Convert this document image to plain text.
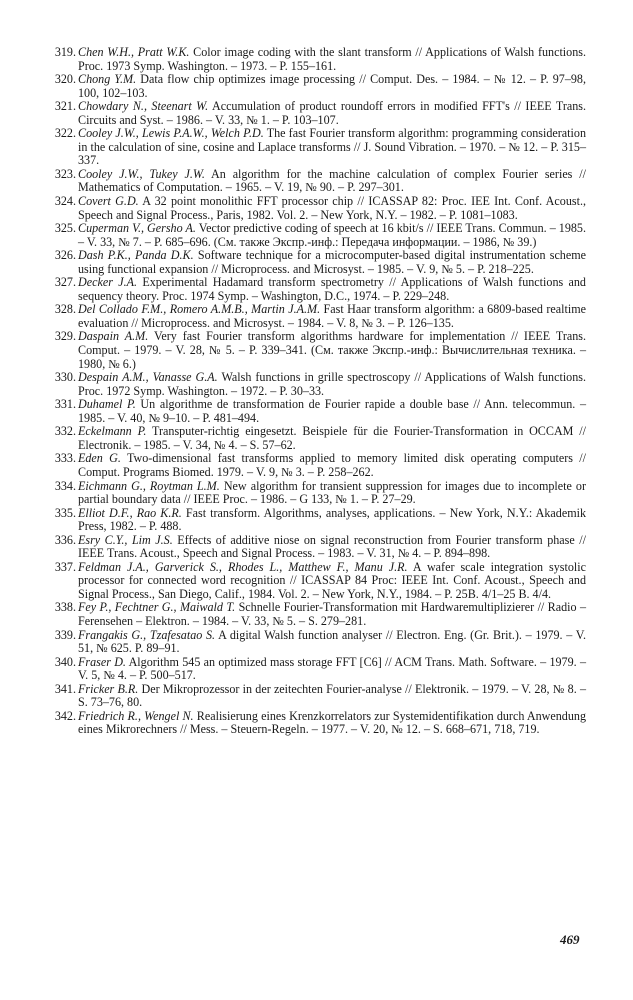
319. Chen W.H., Pratt W.K. Color image coding with the slant transform // Applications of Walsh functions. Proc. 1973 Symp. Washington. – 1973. – P. 155–161.
320. Chong Y.M. Data flow chip optimizes image processing // Comput. Des. – 1984. – № 12. – P. 97–98, 100, 102–103.
321. Chowdary N., Steenart W. Accumulation of product roundoff errors in modified FFT's // IEEE Trans. Circuits and Syst. – 1986. – V. 33, № 1. – P. 103–107.
322. Cooley J.W., Lewis P.A.W., Welch P.D. The fast Fourier transform algorithm: programming consideration in the calculation of sine, cosine and Laplace transforms // J. Sound Vibration. – 1970. – № 12. – P. 315–337.
323. Cooley J.W., Tukey J.W. An algorithm for the machine calculation of complex Fourier series // Mathematics of Computation. – 1965. – V. 19, № 90. – P. 297–301.
324. Covert G.D. A 32 point monolithic FFT processor chip // ICASSAP 82: Proc. IEE Int. Conf. Acoust., Speech and Signal Process., Paris, 1982. Vol. 2. – New York, N.Y. – 1982. – P. 1081–1083.
325. Cuperman V., Gersho A. Vector predictive coding of speech at 16 kbit/s // IEEE Trans. Commun. – 1985. – V. 33, № 7. – P. 685–696. (См. также Экспр.-инф.: Передача информации. – 1986, № 39.)
326. Dash P.K., Panda D.K. Software technique for a microcomputer-based digital instrumentation scheme using functional expansion // Microprocess. and Microsyst. – 1985. – V. 9, № 5. – P. 218–225.
327. Decker J.A. Experimental Hadamard transform spectrometry // Applications of Walsh functions and sequency theory. Proc. 1974 Symp. – Washington, D.C., 1974. – P. 229–248.
328. Del Collado F.M., Romero A.M.B., Martin J.A.M. Fast Haar transform algorithm: a 6809-based realtime evaluation // Microprocess. and Microsyst. – 1984. – V. 8, № 3. – P. 126–135.
329. Daspain A.M. Very fast Fourier transform algorithms hardware for implementation // IEEE Trans. Comput. – 1979. – V. 28, № 5. – P. 339–341. (См. также Экспр.-инф.: Вычислительная техника. – 1980, № 6.)
330. Despain A.M., Vanasse G.A. Walsh functions in grille spectroscopy // Applications of Walsh functions. Proc. 1972 Symp. Washington. – 1972. – P. 30–33.
331. Duhamel P. Un algorithme de transformation de Fourier rapide a double base // Ann. telecommun. – 1985. – V. 40, № 9–10. – P. 481–494.
332. Eckelmann P. Transputer-richtig eingesetzt. Beispiele für die Fourier-Transformation in OCCAM // Electronik. – 1985. – V. 34, № 4. – S. 57–62.
333. Eden G. Two-dimensional fast transforms applied to memory limited disk operating computers // Comput. Programs Biomed. 1979. – V. 9, № 3. – P. 258–262.
334. Eichmann G., Roytman L.M. New algorithm for transient suppression for images due to incomplete or partial boundary data // IEEE Proc. – 1986. – G 133, № 1. – P. 27–29.
335. Elliot D.F., Rao K.R. Fast transform. Algorithms, analyses, applications. – New York, N.Y.: Akademik Press, 1982. – P. 488.
336. Esry C.Y., Lim J.S. Effects of additive niose on signal reconstruction from Fourier transform phase // IEEE Trans. Acoust., Speech and Signal Process. – 1983. – V. 31, № 4. – P. 894–898.
337. Feldman J.A., Garverick S., Rhodes L., Matthew F., Manu J.R. A wafer scale integration systolic processor for connected word recognition // ICASSAP 84 Proc: IEEE Int. Conf. Acoust., Speech and Signal Process., San Diego, Calif., 1984. Vol. 2. – New York, N.Y., 1984. – P. 25B. 4/1–25 B. 4/4.
338. Fey P., Fechtner G., Maiwald T. Schnelle Fourier-Transformation mit Hardwaremultiplizierer // Radio – Ferensehen – Elektron. – 1984. – V. 33, № 5. – S. 279–281.
339. Frangakis G., Tzafesatao S. A digital Walsh function analyser // Electron. Eng. (Gr. Brit.). – 1979. – V. 51, № 625. P. 89–91.
340. Fraser D. Algorithm 545 an optimized mass storage FFT [C6] // ACM Trans. Math. Software. – 1979. – V. 5, № 4. – P. 500–517.
341. Fricker B.R. Der Mikroprozessor in der zeitechten Fourier-analyse // Elektronik. – 1979. – V. 28, № 8. – S. 73–76, 80.
342. Friedrich R., Wengel N. Realisierung eines Krenzkorrelators zur Systemidentifikation durch Anwendung eines Mikrorechners // Mess. – Steuern-Regeln. – 1977. – V. 20, № 12. – S. 668–671, 718, 719.
469
